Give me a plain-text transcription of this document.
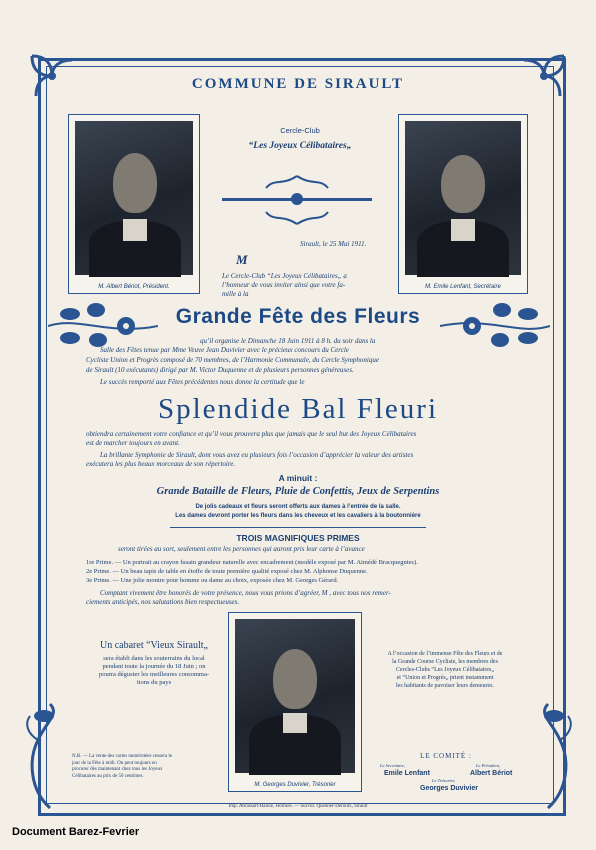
COMMUNE DE SIRAULT
M. Albert Bériot, Président.	M. Emile Lenfant, Secrétaire
Cercle-Club
“Les Joyeux Célibataires„
Sirault, le 25 Mai 1911.
M
Le Cercle-Club “Les Joyeux Célibataires„ a
l’honneur de vous inviter ainsi que votre fa-
mille à la
Grande Fête des Fleurs
qu’il organise le Dimanche 18 Juin 1911 à 8 h. du soir dans la
Salle des Fêtes tenue par Mme Veuve Jean Duvivier avec le précieux concours du Cercle
Cycliste Union et Progrès composé de 70 membres, de l’Harmonie Communale, du Cercle Symphonique
de Sirault (10 exécutants) dirigé par M. Victor Duquenne et de plusieurs personnes généreuses.
Le succès remporté aux Fêtes précédentes nous donne la certitude que le
Splendide Bal Fleuri
obtiendra certainement votre confiance et qu’il vous prouvera plus que jamais que le seul but des Joyeux Célibataires
est de marcher toujours en avant.
La brillante Symphonie de Sirault, dont vous avez eu plusieurs fois l’occasion d’apprécier la valeur des artistes
exécutera les plus beaux morceaux de son répertoire.
A minuit :
Grande Bataille de Fleurs, Pluie de Confettis, Jeux de Serpentins
De jolis cadeaux et fleurs seront offerts aux dames à l’entrée de la salle.
Les dames devront porter les fleurs dans les cheveux et les cavaliers à la boutonnière
TROIS MAGNIFIQUES PRIMES
seront tirées au sort, seulement entre les personnes qui auront pris leur carte à l’avance
1re Prime. — Un portrait au crayon fusain grandeur naturelle avec encadrement (modèle exposé par M. Aimédé Bracquegnies).
2e Prime. — Un beau tapis de table en étoffe de toute première qualité exposé chez M. Alphonse Duquenne.
3e Prime. — Une jolie montre pour homme ou dame au choix, exposée chez M. Georges Gérard.
Comptant vivement être honorés de votre présence, nous vous prions d’agréer, M , avec tous nos remer-
ciements anticipés, nos salutations bien respectueuses.
M. Georges Duvivier, Trésorier
Un cabaret “Vieux Sirault„
sera établi dans les souterrains du local
pendant toute la journée du 18 Juin ; on
pourra déguster les meilleures consomma-
tions du pays
A l’occasion de l’immense Fête des Fleurs et de
la Grande Course Cycliste, les membres des
Cercles-Clubs “Les Joyeux Célibataires„
et “Union et Progrès„ prient instamment
les habitants de pavoiser leurs demeures.
N.B. — La vente des cartes numérotées cessera le
jour de la Fête à midi. On peut toujours en
procurer dès maintenant chez tous les Joyeux
Célibataires au prix de 50 centimes.
LE COMITÉ :
Le Secrétaire,
Emile Lenfant
Le Président,
Albert Bériot
Le Trésorier,
Georges Duvivier
Imp. Abrassart-Haloie, Horrues. — Succur. Quenner-Deroulx, Sirault
Document Barez-Fevrier
